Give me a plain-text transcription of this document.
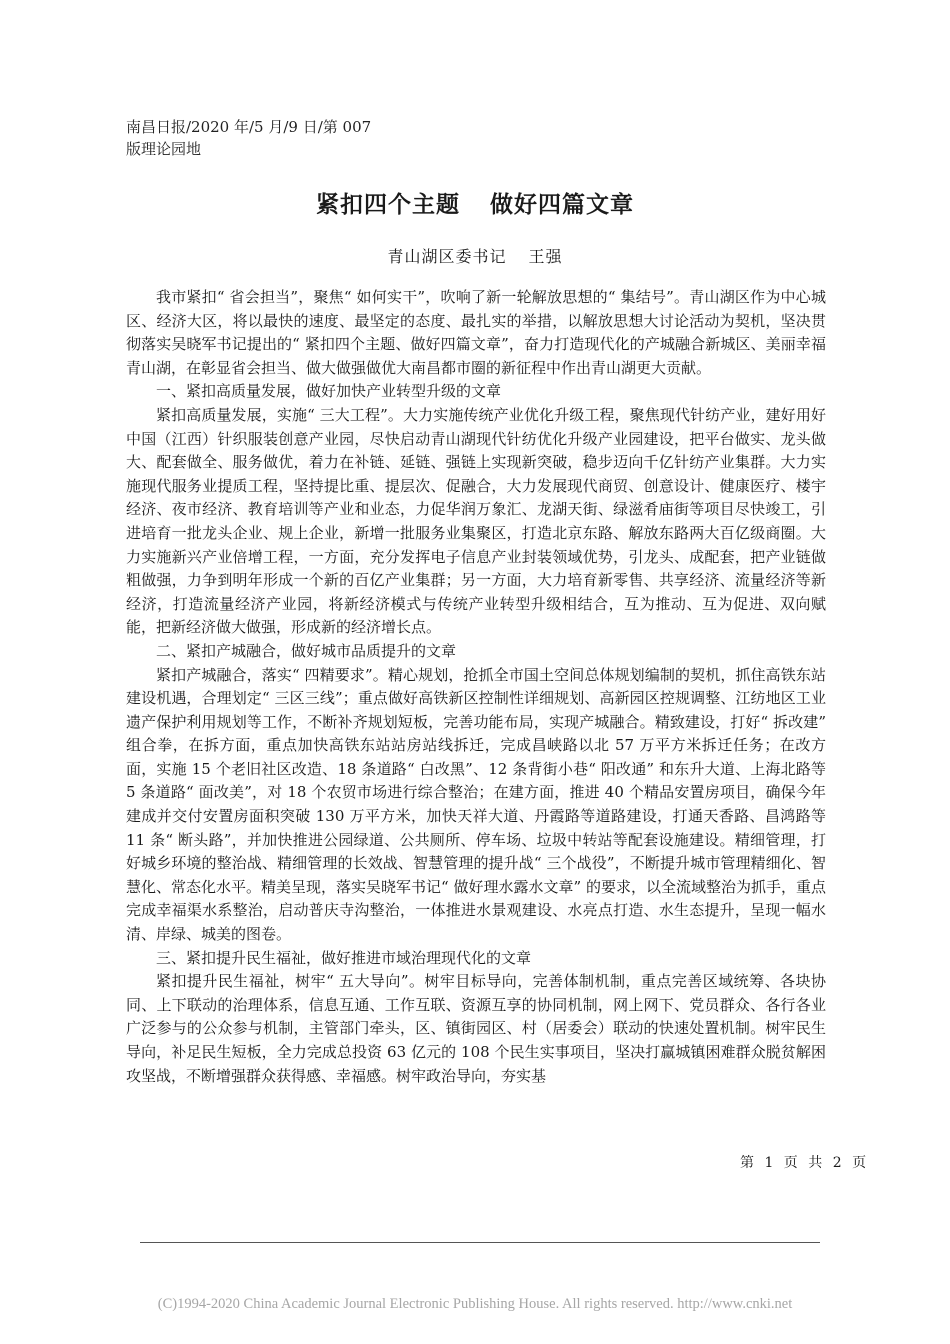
南昌日报/2020 年/5 月/9 日/第 007
版理论园地
紧扣四个主题 做好四篇文章
青山湖区委书记 王强

我市紧扣“ 省会担当”，聚焦“ 如何实干”，吹响了新一轮解放思想的“ 集结号”。青山湖区作为中心城区、经济大区，将以最快的速度、最坚定的态度、最扎实的举措，以解放思想大讨论活动为契机，坚决贯彻落实吴晓军书记提出的“ 紧扣四个主题、做好四篇文章”，奋力打造现代化的产城融合新城区、美丽幸福青山湖，在彰显省会担当、做大做强做优大南昌都市圈的新征程中作出青山湖更大贡献。

一、紧扣高质量发展，做好加快产业转型升级的文章

紧扣高质量发展，实施“ 三大工程”。大力实施传统产业优化升级工程，聚焦现代针纺产业，建好用好中国（江西）针织服装创意产业园，尽快启动青山湖现代针纺优化升级产业园建设，把平台做实、龙头做大、配套做全、服务做优，着力在补链、延链、强链上实现新突破，稳步迈向千亿针纺产业集群。大力实施现代服务业提质工程，坚持提比重、提层次、促融合，大力发展现代商贸、创意设计、健康医疗、楼宇经济、夜市经济、教育培训等产业和业态，力促华润万象汇、龙湖天街、绿滋肴庙街等项目尽快竣工，引进培育一批龙头企业、规上企业，新增一批服务业集聚区，打造北京东路、解放东路两大百亿级商圈。大力实施新兴产业倍增工程，一方面，充分发挥电子信息产业封装领域优势，引龙头、成配套，把产业链做粗做强，力争到明年形成一个新的百亿产业集群；另一方面，大力培育新零售、共享经济、流量经济等新经济，打造流量经济产业园，将新经济模式与传统产业转型升级相结合，互为推动、互为促进、双向赋能，把新经济做大做强，形成新的经济增长点。

二、紧扣产城融合，做好城市品质提升的文章

紧扣产城融合，落实“ 四精要求”。精心规划，抢抓全市国土空间总体规划编制的契机，抓住高铁东站建设机遇，合理划定“ 三区三线”；重点做好高铁新区控制性详细规划、高新园区控规调整、江纺地区工业遗产保护利用规划等工作，不断补齐规划短板，完善功能布局，实现产城融合。精致建设，打好“ 拆改建” 组合拳，在拆方面，重点加快高铁东站站房站线拆迁，完成昌峡路以北 57 万平方米拆迁任务；在改方面，实施 15 个老旧社区改造、18 条道路“ 白改黑”、12 条背街小巷“ 阳改通” 和东升大道、上海北路等 5 条道路“ 面改美”，对 18 个农贸市场进行综合整治；在建方面，推进 40 个精品安置房项目，确保今年建成并交付安置房面积突破 130 万平方米，加快天祥大道、丹霞路等道路建设，打通天香路、昌鸿路等 11 条“ 断头路”，并加快推进公园绿道、公共厕所、停车场、垃圾中转站等配套设施建设。精细管理，打好城乡环境的整治战、精细管理的长效战、智慧管理的提升战“ 三个战役”，不断提升城市管理精细化、智慧化、常态化水平。精美呈现，落实吴晓军书记“ 做好理水露水文章” 的要求，以全流域整治为抓手，重点完成幸福渠水系整治，启动普庆寺沟整治，一体推进水景观建设、水亮点打造、水生态提升，呈现一幅水清、岸绿、城美的图卷。

三、紧扣提升民生福祉，做好推进市域治理现代化的文章

紧扣提升民生福祉，树牢“ 五大导向”。树牢目标导向，完善体制机制，重点完善区域统筹、各块协同、上下联动的治理体系，信息互通、工作互联、资源互享的协同机制，网上网下、党员群众、各行各业广泛参与的公众参与机制，主管部门牵头，区、镇街园区、村（居委会）联动的快速处置机制。树牢民生导向，补足民生短板，全力完成总投资 63 亿元的 108 个民生实事项目，坚决打赢城镇困难群众脱贫解困攻坚战，不断增强群众获得感、幸福感。树牢政治导向，夯实基

第 1 页 共 2 页
(C)1994-2020 China Academic Journal Electronic Publishing House. All rights reserved. http://www.cnki.net
